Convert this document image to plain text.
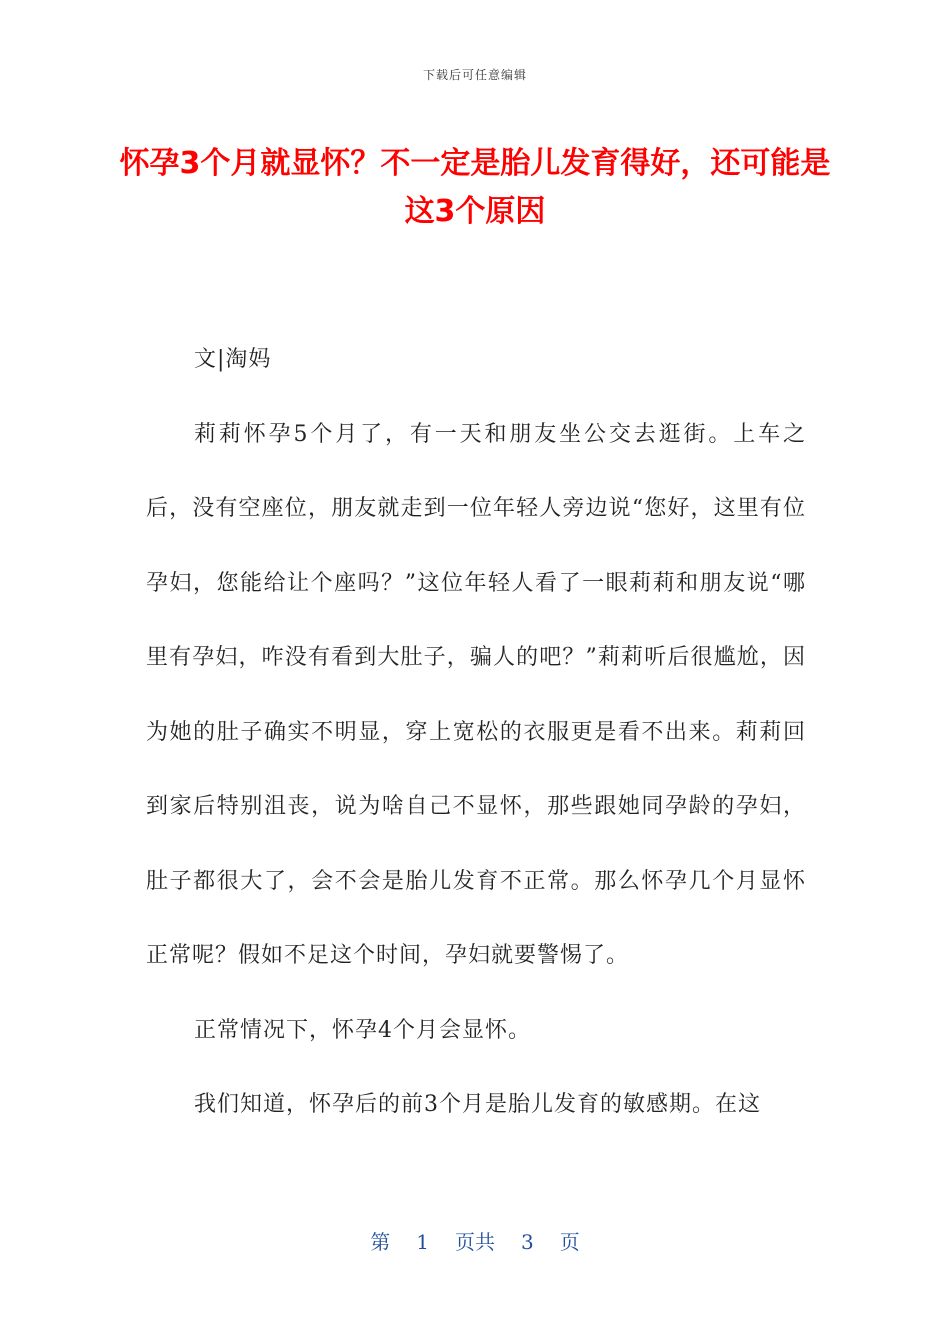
下载后可任意编辑
怀孕3个月就显怀？不一定是胎儿发育得好，还可能是这3个原因

文|淘妈

莉莉怀孕5个月了，有一天和朋友坐公交去逛街。上车之后，没有空座位，朋友就走到一位年轻人旁边说“您好，这里有位孕妇，您能给让个座吗？”这位年轻人看了一眼莉莉和朋友说“哪里有孕妇，咋没有看到大肚子，骗人的吧？”莉莉听后很尴尬，因为她的肚子确实不明显，穿上宽松的衣服更是看不出来。莉莉回到家后特别沮丧，说为啥自己不显怀，那些跟她同孕龄的孕妇，肚子都很大了，会不会是胎儿发育不正常。那么怀孕几个月显怀正常呢？假如不足这个时间，孕妇就要警惕了。

正常情况下，怀孕4个月会显怀。

我们知道，怀孕后的前3个月是胎儿发育的敏感期。在这

第 1 页共 3 页
